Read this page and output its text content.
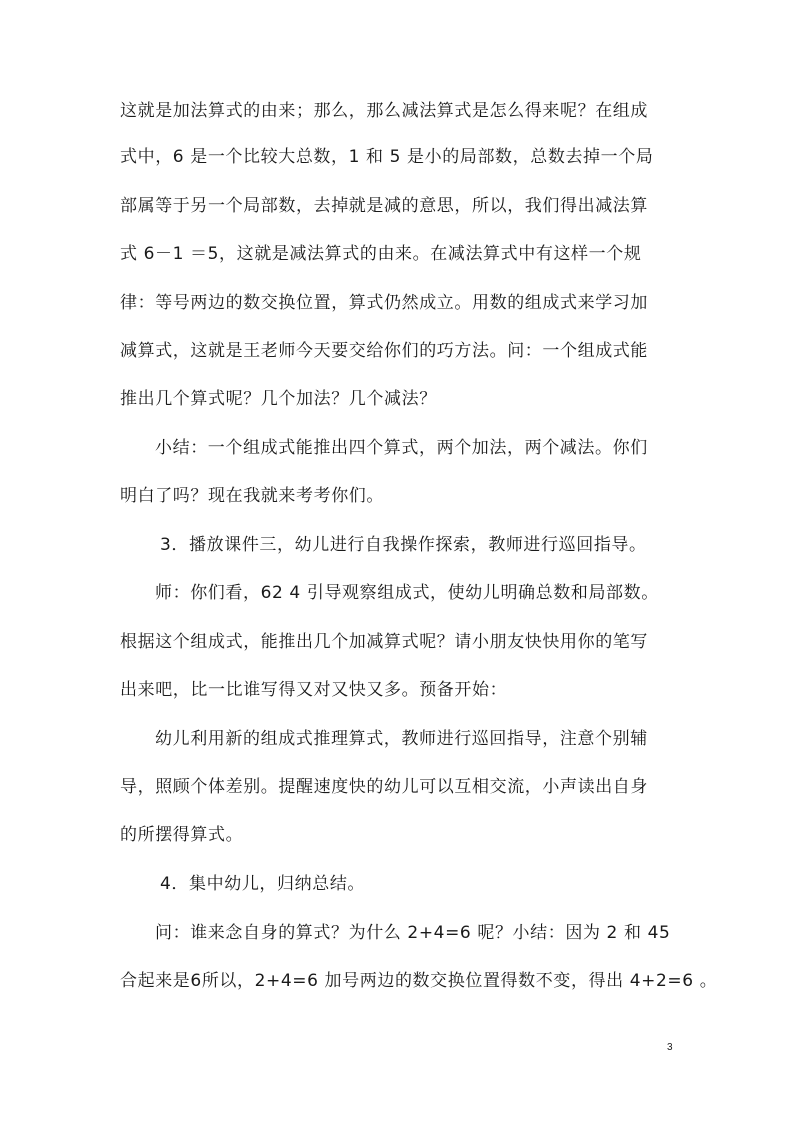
这就是加法算式的由来；那么，那么减法算式是怎么得来呢？在组成
式中，6 是一个比较大总数，1 和 5 是小的局部数，总数去掉一个局
部属等于另一个局部数，去掉就是减的意思，所以，我们得出减法算
式 6－1 ＝5，这就是减法算式的由来。在减法算式中有这样一个规
律：等号两边的数交换位置，算式仍然成立。用数的组成式来学习加
减算式，这就是王老师今天要交给你们的巧方法。问：一个组成式能
推出几个算式呢？几个加法？几个减法？
小结：一个组成式能推出四个算式，两个加法，两个减法。你们
明白了吗？现在我就来考考你们。
3．播放课件三，幼儿进行自我操作探索，教师进行巡回指导。
师：你们看，62 4 引导观察组成式，使幼儿明确总数和局部数。
根据这个组成式，能推出几个加减算式呢？请小朋友快快用你的笔写
出来吧，比一比谁写得又对又快又多。预备开始：
幼儿利用新的组成式推理算式，教师进行巡回指导，注意个别辅
导，照顾个体差别。提醒速度快的幼儿可以互相交流，小声读出自身
的所摆得算式。
4．集中幼儿，归纳总结。
问：谁来念自身的算式？为什么 2+4=6 呢？小结：因为 2 和 45
合起来是6所以，2+4=6 加号两边的数交换位置得数不变，得出 4+2=6 。
3
